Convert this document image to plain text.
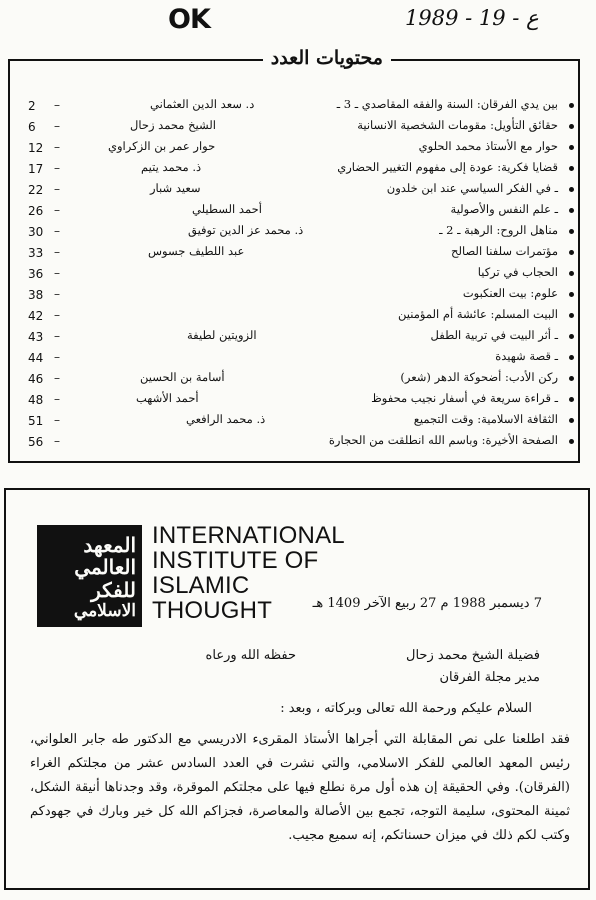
OK	1989 - 19 - ع
بين يدي الفرقان: السنة والفقه المقاصدي ـ 3 ـ
د. سعد الدين العثماني
–
2
حقائق التأويل: مقومات الشخصية الانسانية
الشيخ محمد زحال
–
6
حوار مع الأستاذ محمد الحلوي
حوار عمر بن الزكراوي
–
12
قضايا فكرية: عودة إلى مفهوم التغيير الحضاري
ذ. محمد يتيم
–
17
ـ في الفكر السياسي عند ابن خلدون
سعيد شبار
–
22
ـ علم النفس والأصولية
أحمد السطيلي
–
26
مناهل الروح: الرهبة ـ 2 ـ
ذ. محمد عز الدين توفيق
–
30
مؤتمرات سلفنا الصالح
عبد اللطيف جسوس
–
33
الحجاب في تركيا
–
36
علوم: بيت العنكبوت
–
38
البيت المسلم: عائشة أم المؤمنين
–
42
ـ أثر البيت في تربية الطفل
الزويتين لطيفة
–
43
ـ قصة شهيدة
–
44
ركن الأدب: أضحوكة الدهر (شعر)
أسامة بن الحسين
–
46
ـ قراءة سريعة في أسفار نجيب محفوظ
أحمد الأشهب
–
48
الثقافة الاسلامية: وقت التجميع
ذ. محمد الرافعي
–
51
الصفحة الأخيرة: وباسم الله انطلقت من الحجارة
–
56
محتويات العدد
المعهد
العالمي
للفكر
الاسلامي
INTERNATIONAL
INSTITUTE OF
ISLAMIC
THOUGHT	7 ديسمبر 1988 م 27 ربيع الآخر 1409 هـ
فضيلة الشيخ محمد زحال
حفظه الله ورعاه
مدير مجلة الفرقان
السلام عليكم ورحمة الله تعالى وبركاته ، وبعد :
فقد اطلعنا على نص المقابلة التي أجراها الأستاذ المقرىء الادريسي مع الدكتور طه جابر العلواني، رئيس المعهد العالمي للفكر الاسلامي، والتي نشرت في العدد السادس عشر من مجلتكم الغراء (الفرقان). وفي الحقيقة إن هذه أول مرة نطلع فيها على مجلتكم الموقرة، وقد وجدناها أنيقة الشكل، ثمينة المحتوى، سليمة التوجه، تجمع بين الأصالة والمعاصرة، فجزاكم الله كل خير وبارك في جهودكم وكتب لكم ذلك في ميزان حسناتكم، إنه سميع مجيب.
